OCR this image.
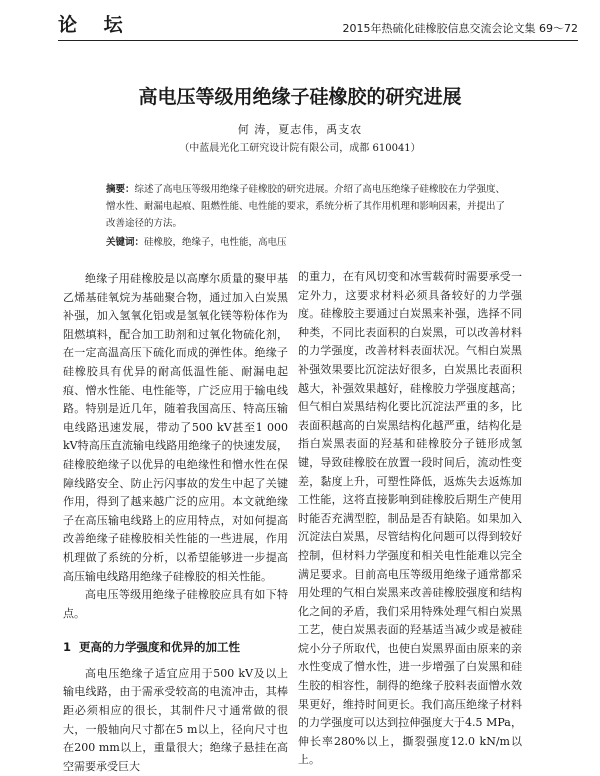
论 坛	2015年热硫化硅橡胶信息交流会论文集 69～72
高电压等级用绝缘子硅橡胶的研究进展
何 涛，夏志伟，禹支农
（中蓝晨光化工研究设计院有限公司，成都 610041）
摘要：综述了高电压等级用绝缘子硅橡胶的研究进展。介绍了高电压绝缘子硅橡胶在力学强度、憎水性、耐漏电起痕、阻燃性能、电性能的要求，系统分析了其作用机理和影响因素，并提出了改善途径的方法。
关键词：硅橡胶，绝缘子，电性能，高电压

绝缘子用硅橡胶是以高摩尔质量的聚甲基乙烯基硅氧烷为基础聚合物，通过加入白炭黑补强，加入氢氧化铝或是氢氧化镁等粉体作为阻燃填料，配合加工助剂和过氧化物硫化剂，在一定高温高压下硫化而成的弹性体。绝缘子硅橡胶具有优异的耐高低温性能、耐漏电起痕、憎水性能、电性能等，广泛应用于输电线路。特别是近几年，随着我国高压、特高压输电线路迅速发展，带动了500 kV甚至1 000 kV特高压直流输电线路用绝缘子的快速发展，硅橡胶绝缘子以优异的电绝缘性和憎水性在保障线路安全、防止污闪事故的发生中起了关键作用，得到了越来越广泛的应用。本文就绝缘子在高压输电线路上的应用特点，对如何提高改善绝缘子硅橡胶相关性能的一些进展，作用机理做了系统的分析，以希望能够进一步提高高压输电线路用绝缘子硅橡胶的相关性能。

高电压等级用绝缘子硅橡胶应具有如下特点。

1 更高的力学强度和优异的加工性

高电压绝缘子适宜应用于500 kV及以上输电线路，由于需承受较高的电流冲击，其棒距必须相应的很长，其制件尺寸通常做的很大，一般轴向尺寸都在5 m以上，径向尺寸也在200 mm以上，重量很大；绝缘子悬挂在高空需要承受巨大

的重力，在有风切变和冰雪载荷时需要承受一定外力，这要求材料必须具备较好的力学强度。硅橡胶主要通过白炭黑来补强，选择不同种类，不同比表面积的白炭黑，可以改善材料的力学强度，改善材料表面状况。气相白炭黑补强效果要比沉淀法好很多，白炭黑比表面积越大，补强效果越好，硅橡胶力学强度越高；但气相白炭黑结构化要比沉淀法严重的多，比表面积越高的白炭黑结构化越严重，结构化是指白炭黑表面的羟基和硅橡胶分子链形成氢键，导致硅橡胶在放置一段时间后，流动性变差，黏度上升，可塑性降低，返炼失去返炼加工性能，这将直接影响到硅橡胶后期生产使用时能否充满型腔，制品是否有缺陷。如果加入沉淀法白炭黑，尽管结构化问题可以得到较好控制，但材料力学强度和相关电性能难以完全满足要求。目前高电压等级用绝缘子通常都采用处理的气相白炭黑来改善硅橡胶强度和结构化之间的矛盾，我们采用特殊处理气相白炭黑工艺，使白炭黑表面的羟基适当减少或是被硅烷小分子所取代，也使白炭黑界面由原来的亲水性变成了憎水性，进一步增强了白炭黑和硅生胶的相容性，制得的绝缘子胶料表面憎水效果更好，维持时间更长。我们高压绝缘子材料的力学强度可以达到拉伸强度大于4.5 MPa，伸长率280%以上，撕裂强度12.0 kN/m以上。
